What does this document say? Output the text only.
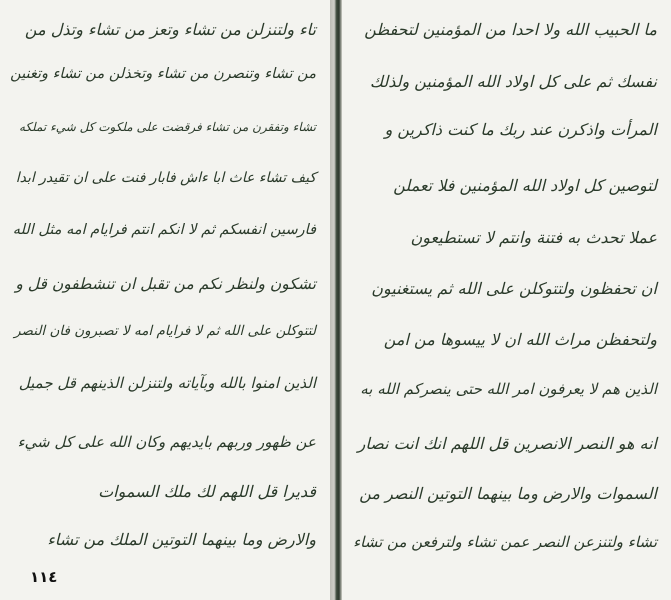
تاء ولتنزلن من تشاء وتعز من تشاء وتذل من
من تشاء وتنصرن من تشاء وتخذلن من تشاء وتغنين
تشاء وتفقرن من تشاء فرقضت على ملكوت كل شيء تملكه
كيف تشاء عاث ابا ءاش فابار فنت على ان تقيدر ابدا
فارسين انفسكم ثم لا انكم انتم فرايام امه مثل الله
تشكون ولنظر نكم من تقبل ان تنشطفون قل و
لتتوكلن على الله ثم لا فرايام امه لا تصبرون فان النصر
الذين امنوا بالله وبآياته ولتنزلن الذينهم قل جميل
عن ظهور وربهم بايديهم وكان الله على كل شيء
قديرا قل اللهم لك ملك السموات
والارض وما بينهما التوتين الملك من تشاء
١١٤
ما الحبيب الله ولا احدا من المؤمنين لتحفظن
نفسك ثم على كل اولاد الله المؤمنين ولذلك
المرأت واذكرن عند ربك ما كنت ذاكرين و
لتوصين كل اولاد الله المؤمنين فلا تعملن
عملا تحدث به فتنة وانتم لا تستطيعون
ان تحفظون ولتتوكلن على الله ثم يستغنيون
ولتحفظن مراث الله ان لا ييسوها من امن
الذين هم لا يعرفون امر الله حتى ينصركم الله به
انه هو النصر الانصرين قل اللهم انك انت نصار
السموات والارض وما بينهما التوتين النصر من
تشاء ولتنزعن النصر عمن تشاء ولترفعن من تشاء
